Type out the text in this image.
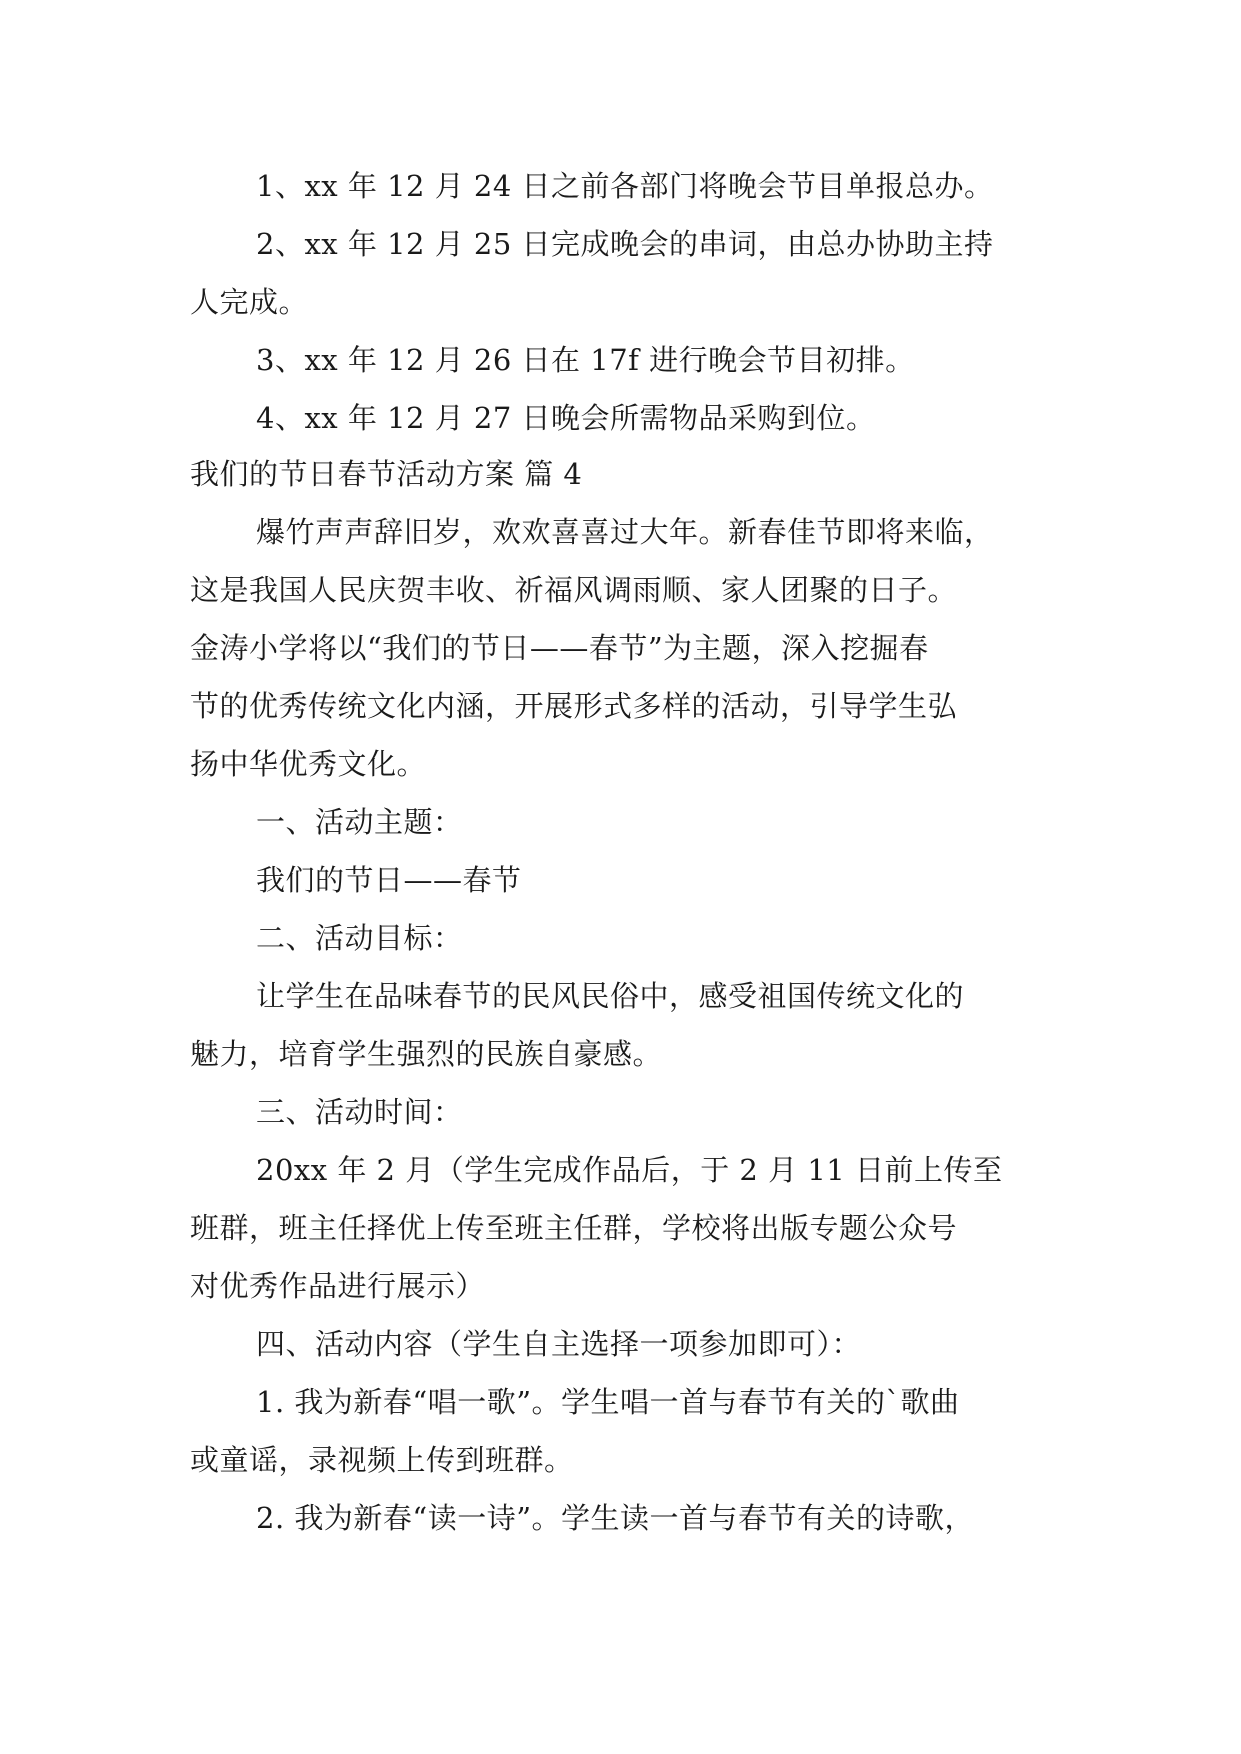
1、xx 年 12 月 24 日之前各部门将晚会节目单报总办。
2、xx 年 12 月 25 日完成晚会的串词，由总办协助主持
人完成。
3、xx 年 12 月 26 日在 17f 进行晚会节目初排。
4、xx 年 12 月 27 日晚会所需物品采购到位。
我们的节日春节活动方案 篇 4
爆竹声声辞旧岁，欢欢喜喜过大年。新春佳节即将来临，
这是我国人民庆贺丰收、祈福风调雨顺、家人团聚的日子。
金涛小学将以“我们的节日——春节”为主题，深入挖掘春
节的优秀传统文化内涵，开展形式多样的活动，引导学生弘
扬中华优秀文化。
一、活动主题：
我们的节日——春节
二、活动目标：
让学生在品味春节的民风民俗中，感受祖国传统文化的
魅力，培育学生强烈的民族自豪感。
三、活动时间：
20xx 年 2 月（学生完成作品后，于 2 月 11 日前上传至
班群，班主任择优上传至班主任群，学校将出版专题公众号
对优秀作品进行展示）
四、活动内容（学生自主选择一项参加即可）：
1. 我为新春“唱一歌”。学生唱一首与春节有关的`歌曲
或童谣，录视频上传到班群。
2. 我为新春“读一诗”。学生读一首与春节有关的诗歌，
